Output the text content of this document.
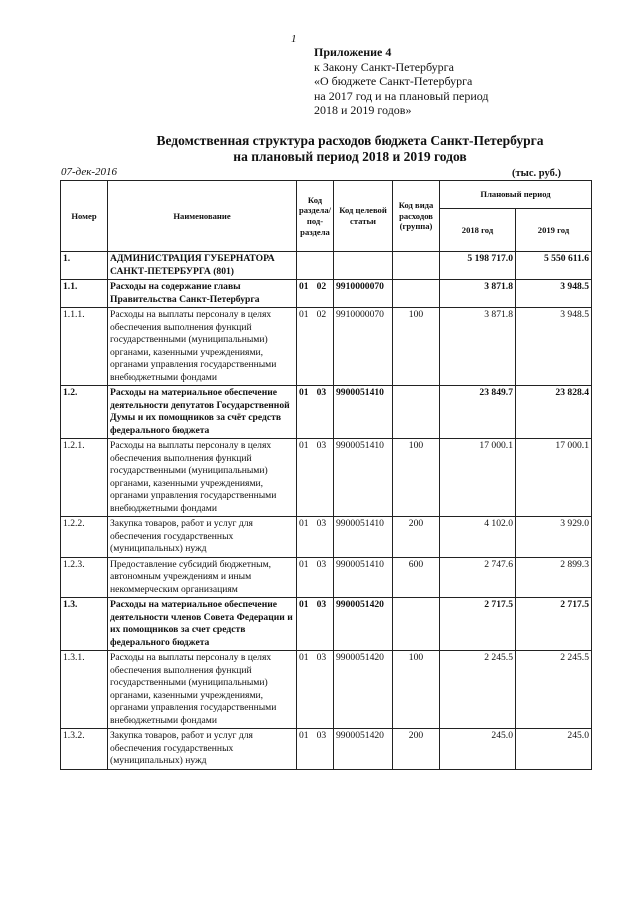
1
Приложение 4
к Закону Санкт-Петербурга
«О бюджете Санкт-Петербурга
на 2017 год и на плановый период
2018 и 2019 годов»
Ведомственная структура расходов бюджета Санкт-Петербурга
на плановый период 2018 и 2019 годов
07-дек-2016	(тыс. руб.)
Номер	Наименование	Код раздела/ под- раздела	Код целевой статьи	Код вида расходов (группа)	Плановый период	
					2018 год	2019 год
1.	АДМИНИСТРАЦИЯ ГУБЕРНАТОРА САНКТ-ПЕТЕРБУРГА (801)				5 198 717.0	5 550 611.6
1.1.	Расходы на содержание главы Правительства Санкт-Петербурга	01 02	9910000070		3 871.8	3 948.5
1.1.1.	Расходы на выплаты персоналу в целях обеспечения выполнения функций государственными (муниципальными) органами, казенными учреждениями, органами управления государственными внебюджетными фондами	01 02	9910000070	100	3 871.8	3 948.5
1.2.	Расходы на материальное обеспечение деятельности депутатов Государственной Думы и их помощников за счёт средств федерального бюджета	01 03	9900051410		23 849.7	23 828.4
1.2.1.	Расходы на выплаты персоналу в целях обеспечения выполнения функций государственными (муниципальными) органами, казенными учреждениями, органами управления государственными внебюджетными фондами	01 03	9900051410	100	17 000.1	17 000.1
1.2.2.	Закупка товаров, работ и услуг для обеспечения государственных (муниципальных) нужд	01 03	9900051410	200	4 102.0	3 929.0
1.2.3.	Предоставление субсидий бюджетным, автономным учреждениям и иным некоммерческим организациям	01 03	9900051410	600	2 747.6	2 899.3
1.3.	Расходы на материальное обеспечение деятельности членов Совета Федерации и их помощников за счет средств федерального бюджета	01 03	9900051420		2 717.5	2 717.5
1.3.1.	Расходы на выплаты персоналу в целях обеспечения выполнения функций государственными (муниципальными) органами, казенными учреждениями, органами управления государственными внебюджетными фондами	01 03	9900051420	100	2 245.5	2 245.5
1.3.2.	Закупка товаров, работ и услуг для обеспечения государственных (муниципальных) нужд	01 03	9900051420	200	245.0	245.0
